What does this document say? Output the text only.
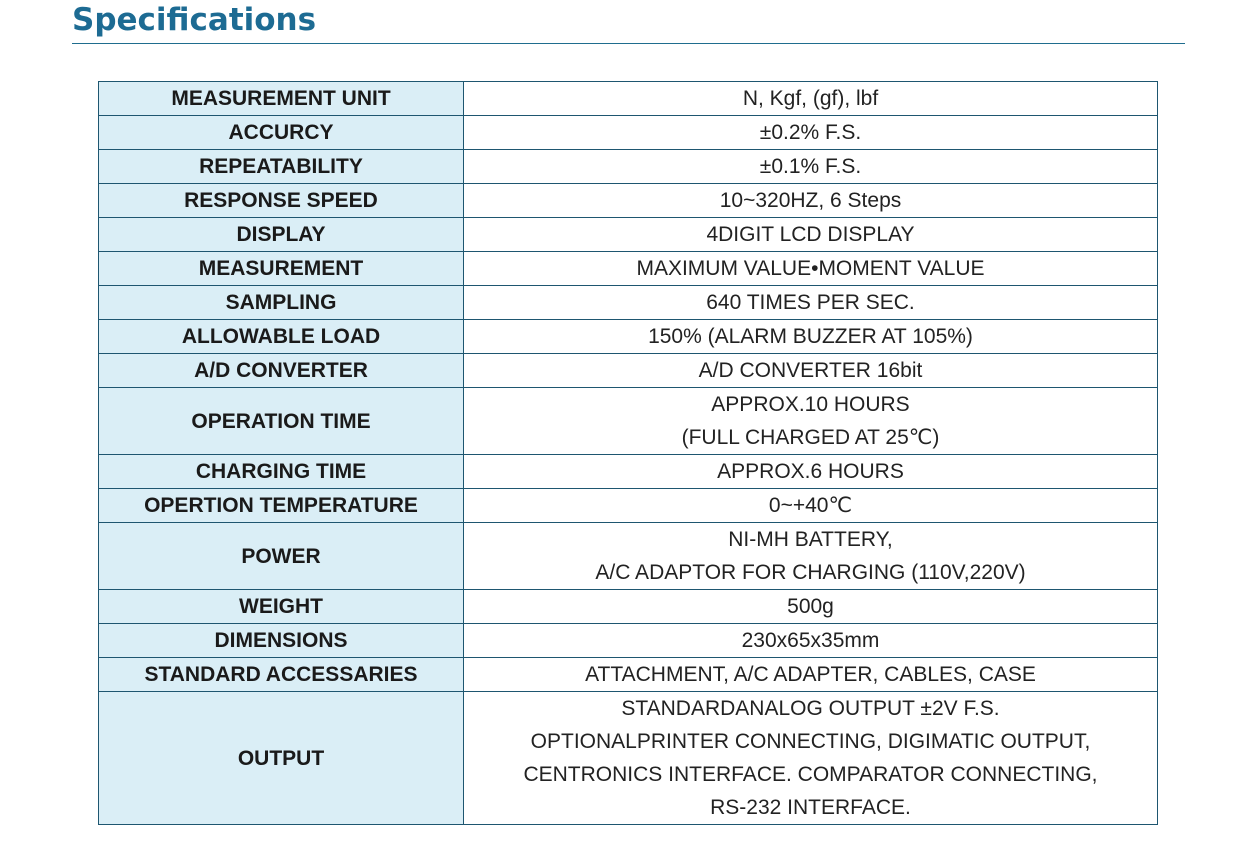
Specifications
MEASUREMENT UNIT	N, Kgf, (gf), lbf

ACCURCY	±0.2% F.S.

REPEATABILITY	±0.1% F.S.

RESPONSE SPEED	10~320HZ, 6 Steps

DISPLAY	4DIGIT LCD DISPLAY

MEASUREMENT	MAXIMUM VALUE•MOMENT VALUE

SAMPLING	640 TIMES PER SEC.

ALLOWABLE LOAD	150% (ALARM BUZZER AT 105%)

A/D CONVERTER	A/D CONVERTER 16bit

OPERATION TIME	APPROX.10 HOURS
(FULL CHARGED AT 25℃)

CHARGING TIME	APPROX.6 HOURS

OPERTION TEMPERATURE	0~+40℃

POWER	NI-MH BATTERY,
A/C ADAPTOR FOR CHARGING (110V,220V)

WEIGHT	500g

DIMENSIONS	230x65x35mm

STANDARD ACCESSARIES	ATTACHMENT, A/C ADAPTER, CABLES, CASE

OUTPUT	STANDARDANALOG OUTPUT ±2V F.S.
OPTIONALPRINTER CONNECTING, DIGIMATIC OUTPUT,
CENTRONICS INTERFACE. COMPARATOR CONNECTING,
RS-232 INTERFACE.
